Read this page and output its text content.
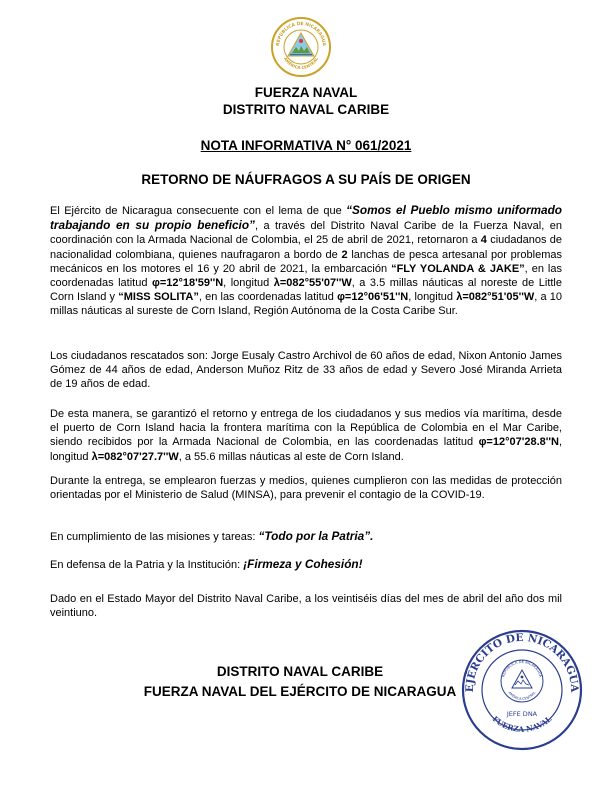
REPÚBLICA DE NICARAGUA
AMÉRICA CENTRAL
FUERZA NAVAL
DISTRITO NAVAL CARIBE
NOTA INFORMATIVA N° 061/2021
RETORNO DE NÁUFRAGOS A SU PAÍS DE ORIGEN
El Ejército de Nicaragua consecuente con el lema de que “Somos el Pueblo mismo uniformado trabajando en su propio beneficio”, a través del Distrito Naval Caribe de la Fuerza Naval, en coordinación con la Armada Nacional de Colombia, el 25 de abril de 2021, retornaron a 4 ciudadanos de nacionalidad colombiana, quienes naufragaron a bordo de 2 lanchas de pesca artesanal por problemas mecánicos en los motores el 16 y 20 abril de 2021, la embarcación “FLY YOLANDA & JAKE”, en las coordenadas latitud φ=12°18'59''N, longitud λ=082°55'07''W, a 3.5 millas náuticas al noreste de Little Corn Island y “MISS SOLITA”, en las coordenadas latitud φ=12°06'51''N, longitud λ=082°51'05''W, a 10 millas náuticas al sureste de Corn Island, Región Autónoma de la Costa Caribe Sur.
Los ciudadanos rescatados son: Jorge Eusaly Castro Archivol de 60 años de edad, Nixon Antonio James Gómez de 44 años de edad, Anderson Muñoz Ritz de 33 años de edad y Severo José Miranda Arrieta de 19 años de edad.
De esta manera, se garantizó el retorno y entrega de los ciudadanos y sus medios vía marítima, desde el puerto de Corn Island hacia la frontera marítima con la República de Colombia en el Mar Caribe, siendo recibidos por la Armada Nacional de Colombia, en las coordenadas latitud φ=12°07'28.8''N, longitud λ=082°07'27.7''W, a 55.6 millas náuticas al este de Corn Island.
Durante la entrega, se emplearon fuerzas y medios, quienes cumplieron con las medidas de protección orientadas por el Ministerio de Salud (MINSA), para prevenir el contagio de la COVID-19.
En cumplimiento de las misiones y tareas: “Todo por la Patria”.
En defensa de la Patria y la Institución: ¡Firmeza y Cohesión!
Dado en el Estado Mayor del Distrito Naval Caribe, a los veintiséis días del mes de abril del año dos mil veintiuno.
DISTRITO NAVAL CARIBE
FUERZA NAVAL DEL EJÉRCITO DE NICARAGUA EJÉRCITO DE NICARAGUA
FUERZA NAVAL
REPÚBLICA DE NICARAGUA
AMÉRICA CENTRAL
JEFE DNA
